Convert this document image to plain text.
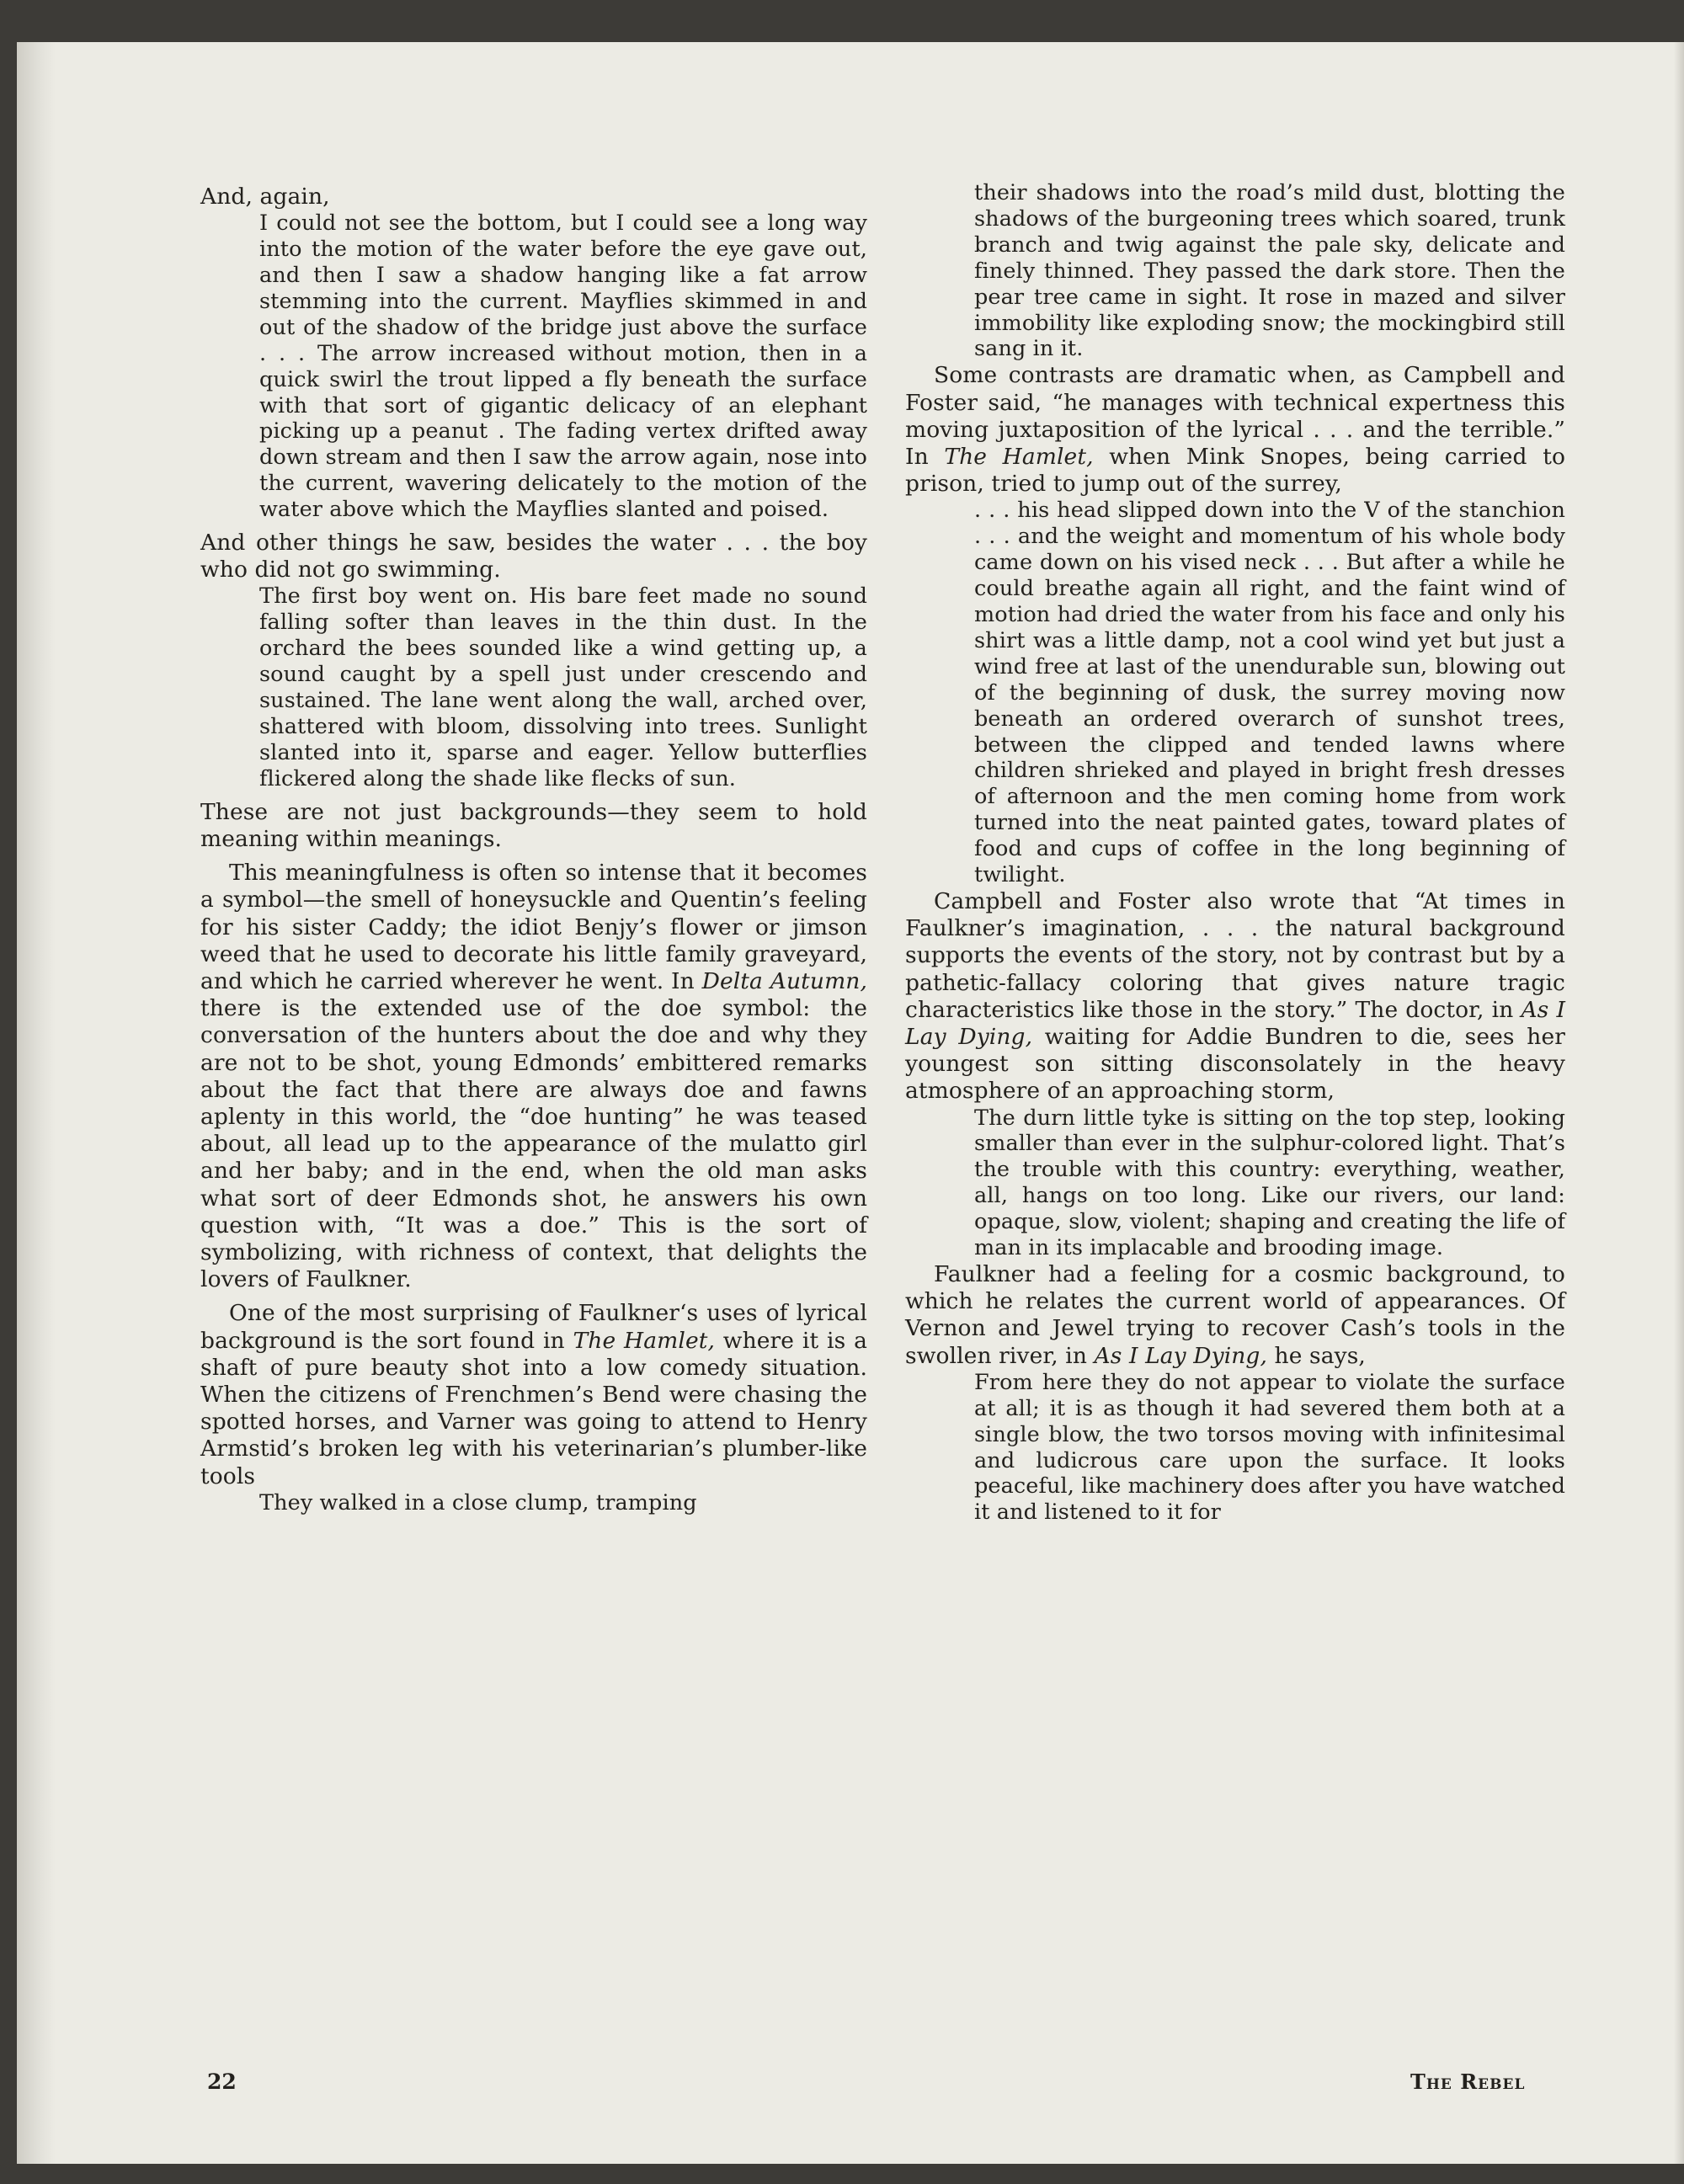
And, again,

I could not see the bottom, but I could see a long way into the motion of the water before the eye gave out, and then I saw a shadow hanging like a fat arrow stemming into the current. Mayflies skimmed in and out of the shadow of the bridge just above the surface . . . The arrow increased without motion, then in a quick swirl the trout lipped a fly beneath the surface with that sort of gigantic delicacy of an elephant picking up a peanut . The fading vertex drifted away down stream and then I saw the arrow again, nose into the current, wavering delicately to the motion of the water above which the Mayflies slanted and poised.

And other things he saw, besides the water . . . the boy who did not go swimming.

The first boy went on. His bare feet made no sound falling softer than leaves in the thin dust. In the orchard the bees sounded like a wind getting up, a sound caught by a spell just under crescendo and sustained. The lane went along the wall, arched over, shattered with bloom, dissolving into trees. Sunlight slanted into it, sparse and eager. Yellow butterflies flickered along the shade like flecks of sun.

These are not just backgrounds—they seem to hold meaning within meanings.

This meaningfulness is often so intense that it becomes a symbol—the smell of honeysuckle and Quentin’s feeling for his sister Caddy; the idiot Benjy’s flower or jimson weed that he used to decorate his little family graveyard, and which he carried wherever he went. In Delta Autumn, there is the extended use of the doe symbol: the conversation of the hunters about the doe and why they are not to be shot, young Edmonds’ embittered remarks about the fact that there are always doe and fawns aplenty in this world, the “doe hunting” he was teased about, all lead up to the appearance of the mulatto girl and her baby; and in the end, when the old man asks what sort of deer Edmonds shot, he answers his own question with, “It was a doe.” This is the sort of symbolizing, with richness of context, that delights the lovers of Faulkner.

One of the most surprising of Faulkner‘s uses of lyrical background is the sort found in The Hamlet, where it is a shaft of pure beauty shot into a low comedy situation. When the citizens of Frenchmen’s Bend were chasing the spotted horses, and Varner was going to attend to Henry Armstid’s broken leg with his veterinarian’s plumber-like tools

They walked in a close clump, tramping

their shadows into the road’s mild dust, blotting the shadows of the burgeoning trees which soared, trunk branch and twig against the pale sky, delicate and finely thinned. They passed the dark store. Then the pear tree came in sight. It rose in mazed and silver immobility like exploding snow; the mockingbird still sang in it.

Some contrasts are dramatic when, as Campbell and Foster said, “he manages with technical expertness this moving juxtaposition of the lyrical . . . and the terrible.” In The Hamlet, when Mink Snopes, being carried to prison, tried to jump out of the surrey,

. . . his head slipped down into the V of the stanchion . . . and the weight and momentum of his whole body came down on his vised neck . . . But after a while he could breathe again all right, and the faint wind of motion had dried the water from his face and only his shirt was a little damp, not a cool wind yet but just a wind free at last of the unendurable sun, blowing out of the beginning of dusk, the surrey moving now beneath an ordered overarch of sunshot trees, between the clipped and tended lawns where children shrieked and played in bright fresh dresses of afternoon and the men coming home from work turned into the neat painted gates, toward plates of food and cups of coffee in the long beginning of twilight.

Campbell and Foster also wrote that “At times in Faulkner’s imagination, . . . the natural background supports the events of the story, not by contrast but by a pathetic-fallacy coloring that gives nature tragic characteristics like those in the story.” The doctor, in As I Lay Dying, waiting for Addie Bundren to die, sees her youngest son sitting disconsolately in the heavy atmosphere of an approaching storm,

The durn little tyke is sitting on the top step, looking smaller than ever in the sulphur-colored light. That’s the trouble with this country: everything, weather, all, hangs on too long. Like our rivers, our land: opaque, slow, violent; shaping and creating the life of man in its implacable and brooding image.

Faulkner had a feeling for a cosmic background, to which he relates the current world of appearances. Of Vernon and Jewel trying to recover Cash’s tools in the swollen river, in As I Lay Dying, he says,

From here they do not appear to violate the surface at all; it is as though it had severed them both at a single blow, the two torsos moving with infinitesimal and ludicrous care upon the surface. It looks peaceful, like machinery does after you have watched it and listened to it for

22	The Rebel
